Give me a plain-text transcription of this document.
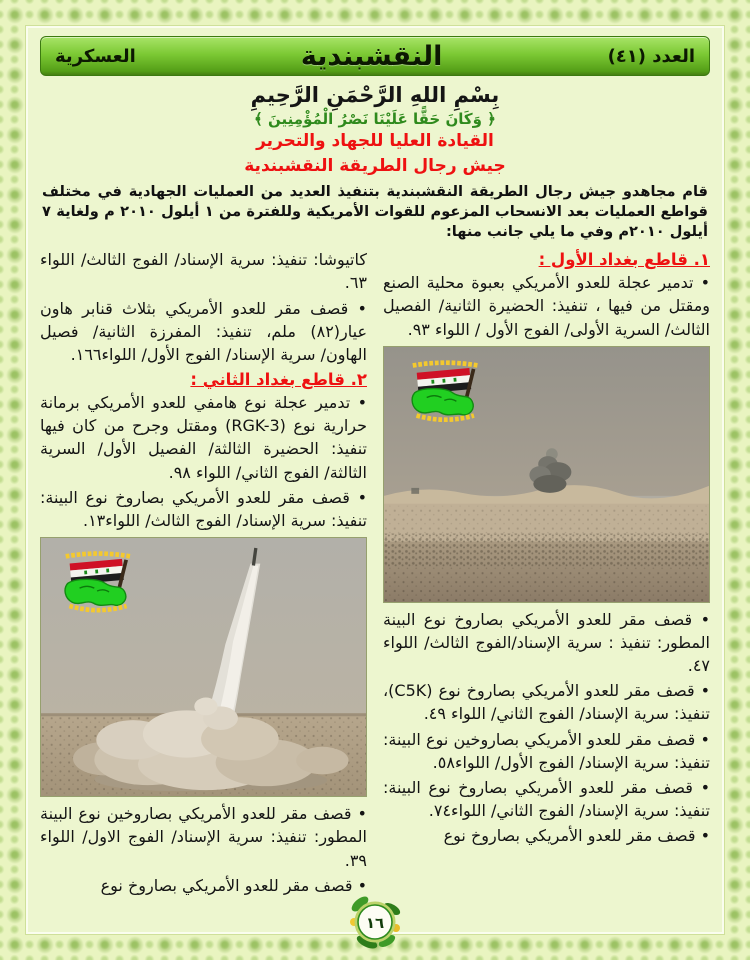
العدد (٤١)
النقشبندية
العسكرية
بِسْمِ اللهِ الرَّحْمَنِ الرَّحِيمِ
﴿ وَكَانَ حَقًّا عَلَيْنَا نَصْرُ الْمُؤْمِنِينَ ﴾
القيادة العليا للجهاد والتحرير
جيش رجال الطريقة النقشبندية

قام مجاهدو جيش رجال الطريقة النقشبندية بتنفيذ العديد من العمليات الجهادية في مختلف قواطع العمليات بعد الانسحاب المزعوم للقوات الأمريكية وللفترة من ١ أيلول ٢٠١٠ م ولغاية ٧ أيلول ٢٠١٠م وفي ما يلي جانب منها:

١. قاطع بغداد الأول :

• تدمير عجلة للعدو الأمريكي بعبوة محلية الصنع ومقتل من فيها ، تنفيذ: الحضيرة الثانية/ الفصيل الثالث/ السرية الأولى/ الفوج الأول / اللواء ٩٣.

• قصف مقر للعدو الأمريكي بصاروخ نوع البينة المطور: تنفيذ : سرية الإسناد/الفوج الثالث/ اللواء ٤٧.

• قصف مقر للعدو الأمريكي بصاروخ نوع (C5K)، تنفيذ: سرية الإسناد/ الفوج الثاني/ اللواء ٤٩.

• قصف مقر للعدو الأمريكي بصاروخين نوع البينة: تنفيذ: سرية الإسناد/ الفوج الأول/ اللواء٥٨.

• قصف مقر للعدو الأمريكي بصاروخ نوع البينة: تنفيذ: سرية الإسناد/ الفوج الثاني/ اللواء٧٤.

• قصف مقر للعدو الأمريكي بصاروخ نوع

كاتيوشا: تنفيذ: سرية الإسناد/ الفوج الثالث/ اللواء ٦٣.

• قصف مقر للعدو الأمريكي بثلاث قنابر هاون عيار(٨٢) ملم، تنفيذ: المفرزة الثانية/ فصيل الهاون/ سرية الإسناد/ الفوج الأول/ اللواء١٦٦.

٢. قاطع بغداد الثاني :

• تدمير عجلة نوع هامفي للعدو الأمريكي برمانة حرارية نوع (RGK-3) ومقتل وجرح من كان فيها تنفيذ: الحضيرة الثالثة/ الفصيل الأول/ السرية الثالثة/ الفوج الثاني/ اللواء ٩٨.

• قصف مقر للعدو الأمريكي بصاروخ نوع البينة: تنفيذ: سرية الإسناد/ الفوج الثالث/ اللواء١٣.

• قصف مقر للعدو الأمريكي بصاروخين نوع البينة المطور: تنفيذ: سرية الإسناد/ الفوج الاول/ اللواء ٣٩.

• قصف مقر للعدو الأمريكي بصاروخ نوع

١٦
